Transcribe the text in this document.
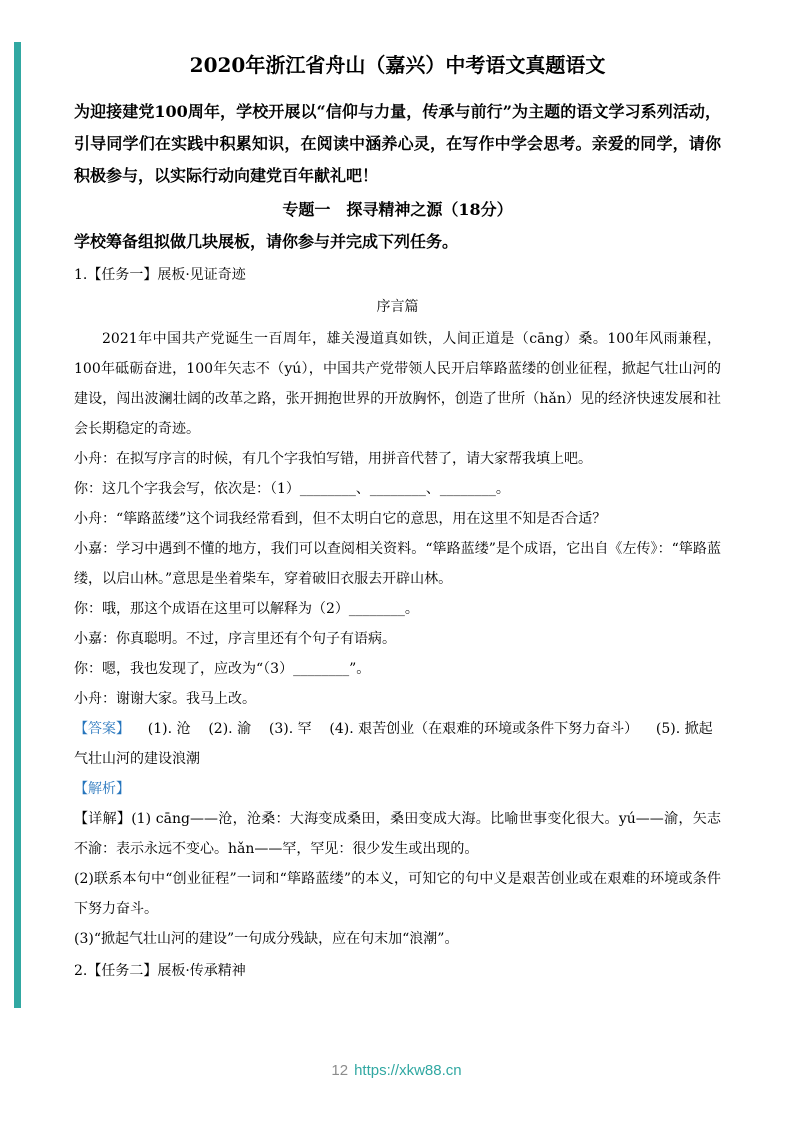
2020年浙江省舟山（嘉兴）中考语文真题语文

为迎接建党100周年，学校开展以“信仰与力量，传承与前行”为主题的语文学习系列活动，引导同学们在实践中积累知识，在阅读中涵养心灵，在写作中学会思考。亲爱的同学，请你积极参与，以实际行动向建党百年献礼吧！

专题一　探寻精神之源（18分）

学校筹备组拟做几块展板，请你参与并完成下列任务。

1.【任务一】展板·见证奇迹

序言篇

2021年中国共产党诞生一百周年，雄关漫道真如铁，人间正道是（cāng）桑。100年风雨兼程，100年砥砺奋进，100年矢志不（yú），中国共产党带领人民开启筚路蓝缕的创业征程，掀起气壮山河的建设，闯出波澜壮阔的改革之路，张开拥抱世界的开放胸怀，创造了世所（hǎn）见的经济快速发展和社会长期稳定的奇迹。

小舟：在拟写序言的时候，有几个字我怕写错，用拼音代替了，请大家帮我填上吧。

你：这几个字我会写，依次是：（1）________、________、________。

小舟：“筚路蓝缕”这个词我经常看到，但不太明白它的意思，用在这里不知是否合适？

小嘉：学习中遇到不懂的地方，我们可以查阅相关资料。“筚路蓝缕”是个成语，它出自《左传》：“筚路蓝缕，以启山林。”意思是坐着柴车，穿着破旧衣服去开辟山林。

你：哦，那这个成语在这里可以解释为（2）________。

小嘉：你真聪明。不过，序言里还有个句子有语病。

你：嗯，我也发现了，应改为“（3）________”。

小舟：谢谢大家。我马上改。

【答案】    (1). 沧    (2). 渝    (3). 罕    (4). 艰苦创业（在艰难的环境或条件下努力奋斗）    (5). 掀起气壮山河的建设浪潮

【解析】

【详解】(1) cāng——沧，沧桑：大海变成桑田，桑田变成大海。比喻世事变化很大。yú——渝，矢志不渝：表示永远不变心。hǎn——罕，罕见：很少发生或出现的。

(2)联系本句中“创业征程”一词和“筚路蓝缕”的本义，可知它的句中义是艰苦创业或在艰难的环境或条件下努力奋斗。

(3)“掀起气壮山河的建设”一句成分残缺，应在句末加“浪潮”。

2.【任务二】展板·传承精神

12 https://xkw88.cn
